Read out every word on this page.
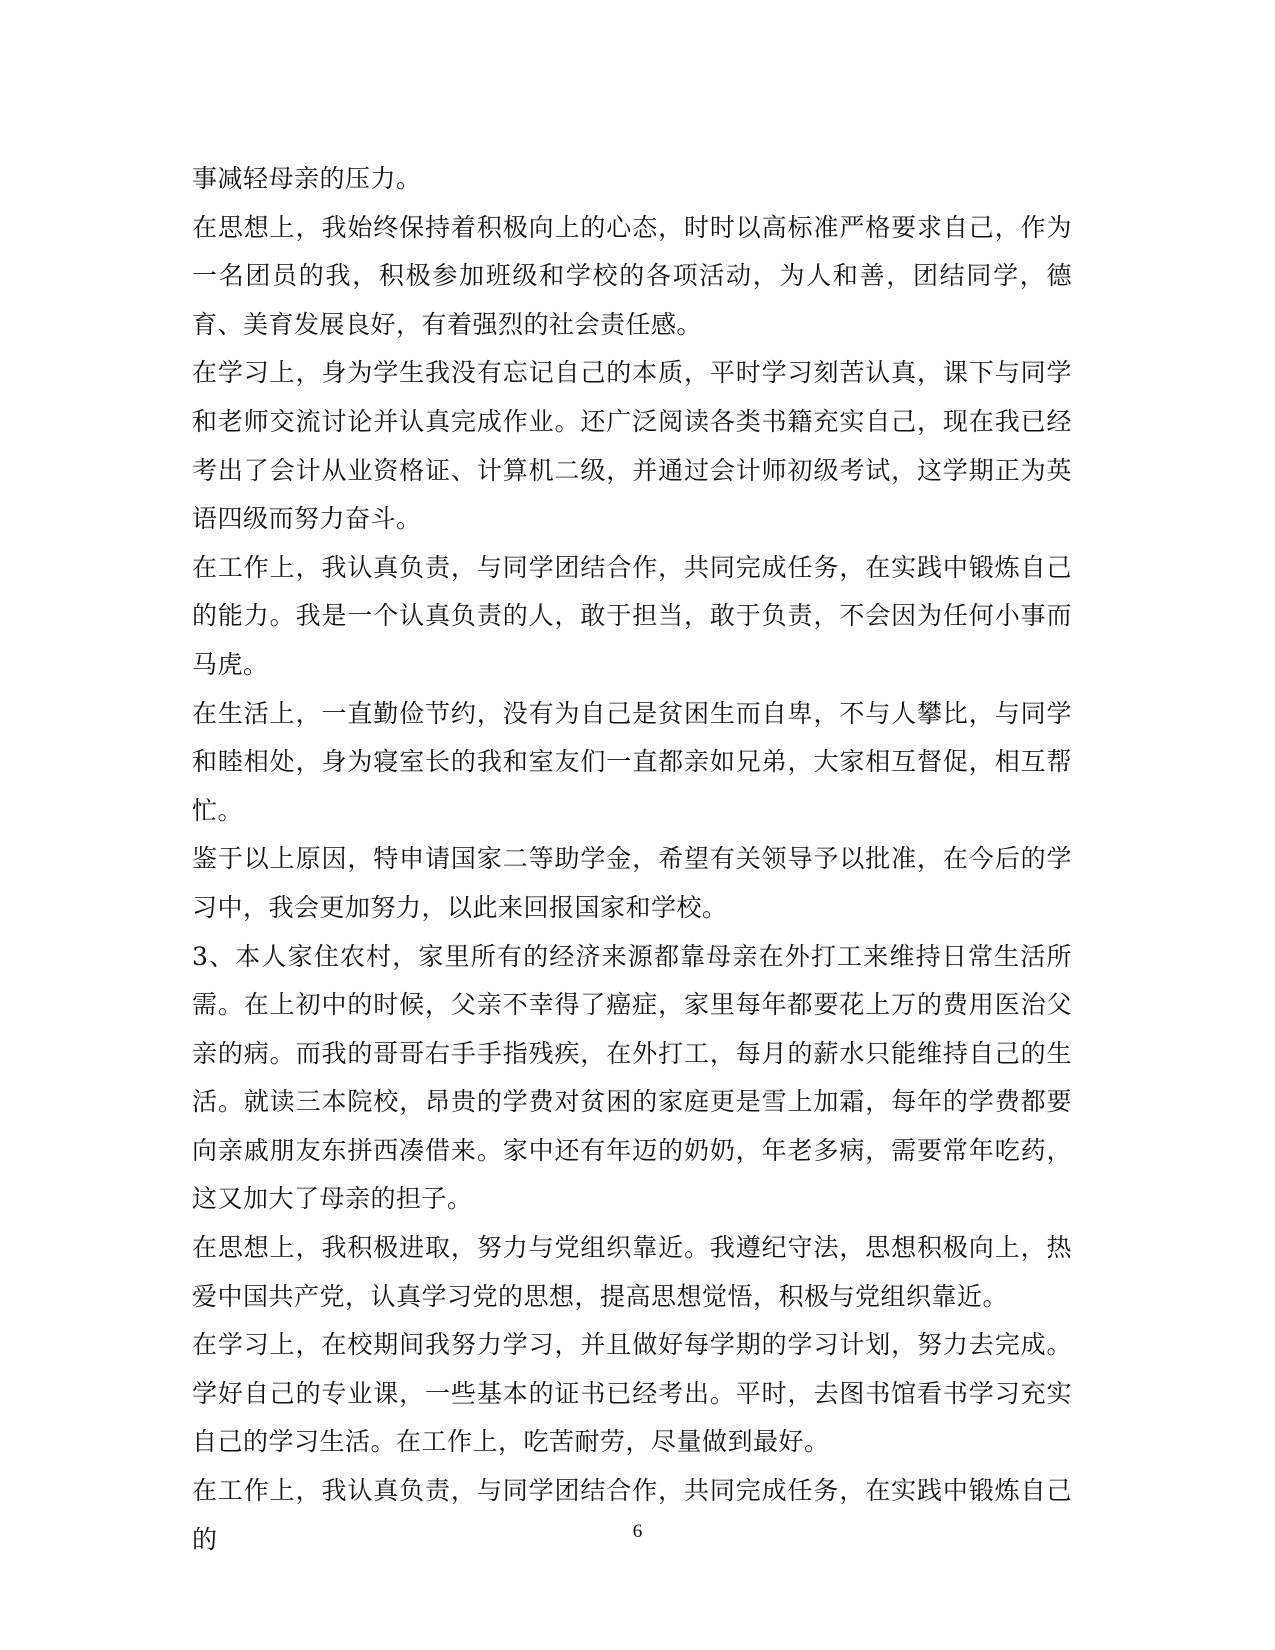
事减轻母亲的压力。

在思想上，我始终保持着积极向上的心态，时时以高标准严格要求自己，作为一名团员的我，积极参加班级和学校的各项活动，为人和善，团结同学，德育、美育发展良好，有着强烈的社会责任感。

在学习上，身为学生我没有忘记自己的本质，平时学习刻苦认真，课下与同学和老师交流讨论并认真完成作业。还广泛阅读各类书籍充实自己，现在我已经考出了会计从业资格证、计算机二级，并通过会计师初级考试，这学期正为英语四级而努力奋斗。

在工作上，我认真负责，与同学团结合作，共同完成任务，在实践中锻炼自己的能力。我是一个认真负责的人，敢于担当，敢于负责，不会因为任何小事而马虎。

在生活上，一直勤俭节约，没有为自己是贫困生而自卑，不与人攀比，与同学和睦相处，身为寝室长的我和室友们一直都亲如兄弟，大家相互督促，相互帮忙。

鉴于以上原因，特申请国家二等助学金，希望有关领导予以批准，在今后的学习中，我会更加努力，以此来回报国家和学校。

3、本人家住农村，家里所有的经济来源都靠母亲在外打工来维持日常生活所需。在上初中的时候，父亲不幸得了癌症，家里每年都要花上万的费用医治父亲的病。而我的哥哥右手手指残疾，在外打工，每月的薪水只能维持自己的生活。就读三本院校，昂贵的学费对贫困的家庭更是雪上加霜，每年的学费都要向亲戚朋友东拼西凑借来。家中还有年迈的奶奶，年老多病，需要常年吃药，这又加大了母亲的担子。

在思想上，我积极进取，努力与党组织靠近。我遵纪守法，思想积极向上，热爱中国共产党，认真学习党的思想，提高思想觉悟，积极与党组织靠近。

在学习上，在校期间我努力学习，并且做好每学期的学习计划，努力去完成。学好自己的专业课，一些基本的证书已经考出。平时，去图书馆看书学习充实自己的学习生活。在工作上，吃苦耐劳，尽量做到最好。

在工作上，我认真负责，与同学团结合作，共同完成任务，在实践中锻炼自己的	6
